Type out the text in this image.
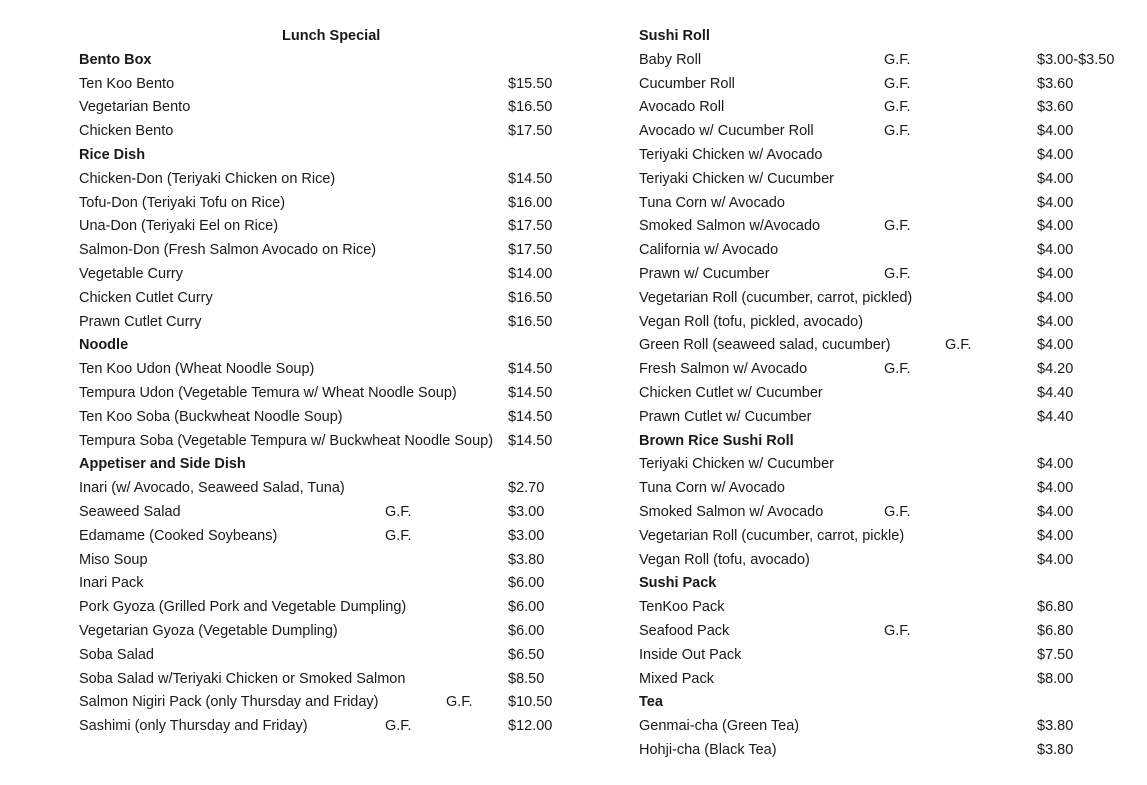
Lunch Special
Bento Box
Ten Koo Bento	$15.50
Vegetarian Bento	$16.50
Chicken Bento	$17.50
Rice Dish
Chicken-Don (Teriyaki Chicken on Rice)	$14.50
Tofu-Don (Teriyaki Tofu on Rice)	$16.00
Una-Don (Teriyaki Eel on Rice)	$17.50
Salmon-Don (Fresh Salmon Avocado on Rice)	$17.50
Vegetable Curry	$14.00
Chicken Cutlet Curry	$16.50
Prawn Cutlet Curry	$16.50
Noodle
Ten Koo Udon (Wheat Noodle Soup)	$14.50
Tempura Udon (Vegetable Temura w/ Wheat Noodle Soup)	$14.50
Ten Koo Soba (Buckwheat Noodle Soup)	$14.50
Tempura Soba (Vegetable Tempura w/ Buckwheat Noodle Soup) $14.50
Appetiser and Side Dish
Inari (w/ Avocado, Seaweed Salad, Tuna)	$2.70
Seaweed Salad	G.F.	$3.00
Edamame (Cooked Soybeans)	G.F.	$3.00
Miso Soup	$3.80
Inari Pack	$6.00
Pork Gyoza (Grilled Pork and Vegetable Dumpling)	$6.00
Vegetarian Gyoza (Vegetable Dumpling)	$6.00
Soba Salad	$6.50
Soba Salad w/Teriyaki Chicken or Smoked Salmon	$8.50
Salmon Nigiri Pack (only Thursday and Friday)	G.F. $10.50
Sashimi (only Thursday and Friday)	G.F.	$12.00
Sushi Roll
Baby Roll	G.F.	$3.00-$3.50
Cucumber Roll	G.F.	$3.60
Avocado Roll	G.F.	$3.60
Avocado w/ Cucumber Roll	G.F.	$4.00
Teriyaki Chicken w/ Avocado	$4.00
Teriyaki Chicken w/ Cucumber	$4.00
Tuna Corn w/ Avocado	$4.00
Smoked Salmon w/Avocado	G.F.	$4.00
California w/ Avocado	$4.00
Prawn w/ Cucumber	G.F.	$4.00
Vegetarian Roll (cucumber, carrot, pickled)	$4.00
Vegan Roll (tofu, pickled, avocado)	$4.00
Green Roll (seaweed salad, cucumber)	G.F.	$4.00
Fresh Salmon w/ Avocado	G.F.	$4.20
Chicken Cutlet w/ Cucumber	$4.40
Prawn Cutlet w/ Cucumber	$4.40
Brown Rice Sushi Roll
Teriyaki Chicken w/ Cucumber	$4.00
Tuna Corn w/ Avocado	$4.00
Smoked Salmon w/ Avocado	G.F.	$4.00
Vegetarian Roll (cucumber, carrot, pickle)	$4.00
Vegan Roll (tofu, avocado)	$4.00
Sushi Pack
TenKoo Pack	$6.80
Seafood Pack	G.F.	$6.80
Inside Out Pack	$7.50
Mixed Pack	$8.00
Tea
Genmai-cha (Green Tea)	$3.80
Hohji-cha (Black Tea)	$3.80
